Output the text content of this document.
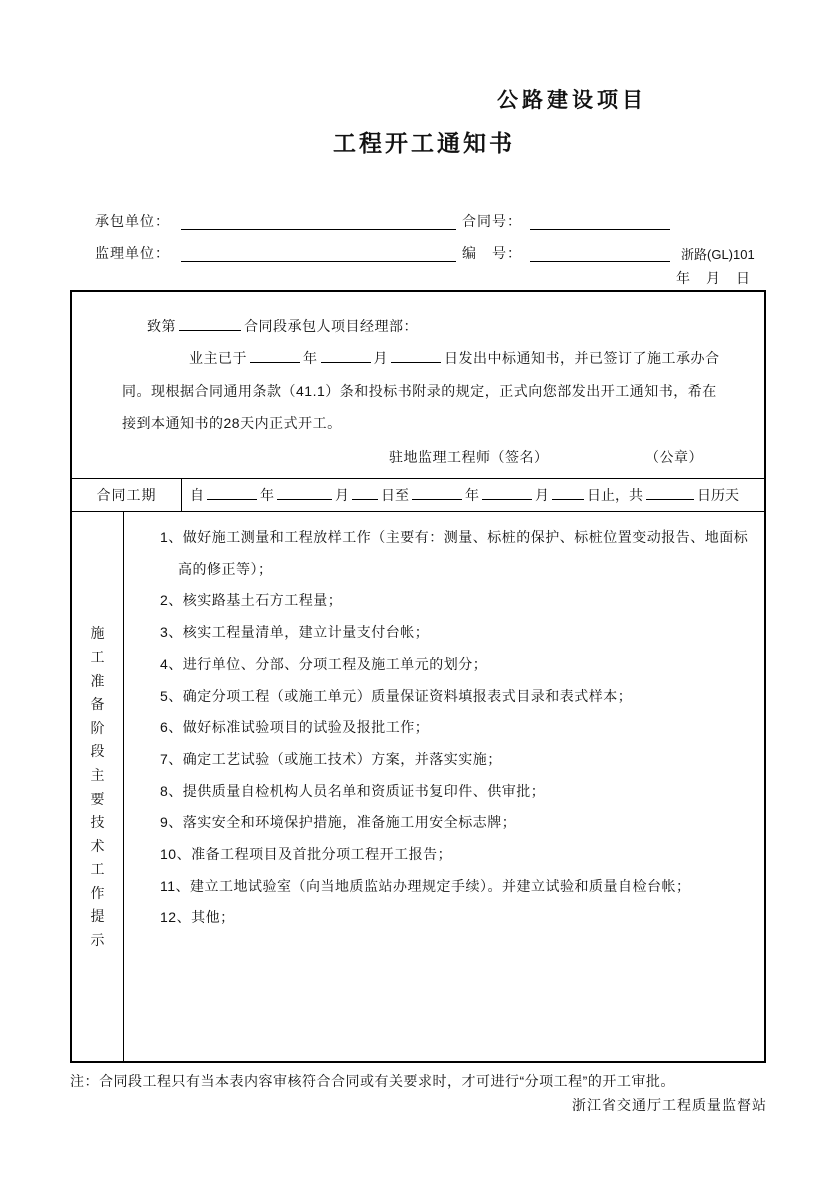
公路建设项目
工程开工通知书
承包单位：	合同号：
监理单位：	编　号：	浙路(GL)101
年　月　日
致第	合同段承包人项目经理部：
业主已于	年	月	日发出中标通知书，并已签订了施工承办合
同。现根据合同通用条款（41.1）条和投标书附录的规定，正式向您部发出开工通知书，希在
接到本通知书的28天内正式开工。
驻地监理工程师（签名）	（公章）
合同工期	自	年	月 日至	年	月	日止，共	日历天
施
工
准
备
阶
段
主
要
技
术
工
作
提
示
1、做好施工测量和工程放样工作（主要有：测量、标桩的保护、标桩位置变动报告、地面标高的修正等）；
2、核实路基土石方工程量；
3、核实工程量清单，建立计量支付台帐；
4、进行单位、分部、分项工程及施工单元的划分；
5、确定分项工程（或施工单元）质量保证资料填报表式目录和表式样本；
6、做好标准试验项目的试验及报批工作；
7、确定工艺试验（或施工技术）方案，并落实实施；
8、提供质量自检机构人员名单和资质证书复印件、供审批；
9、落实安全和环境保护措施，准备施工用安全标志牌；
10、准备工程项目及首批分项工程开工报告；
11、建立工地试验室（向当地质监站办理规定手续）。并建立试验和质量自检台帐；
12、其他；
注：合同段工程只有当本表内容审核符合合同或有关要求时，才可进行“分项工程”的开工审批。
浙江省交通厅工程质量监督站
